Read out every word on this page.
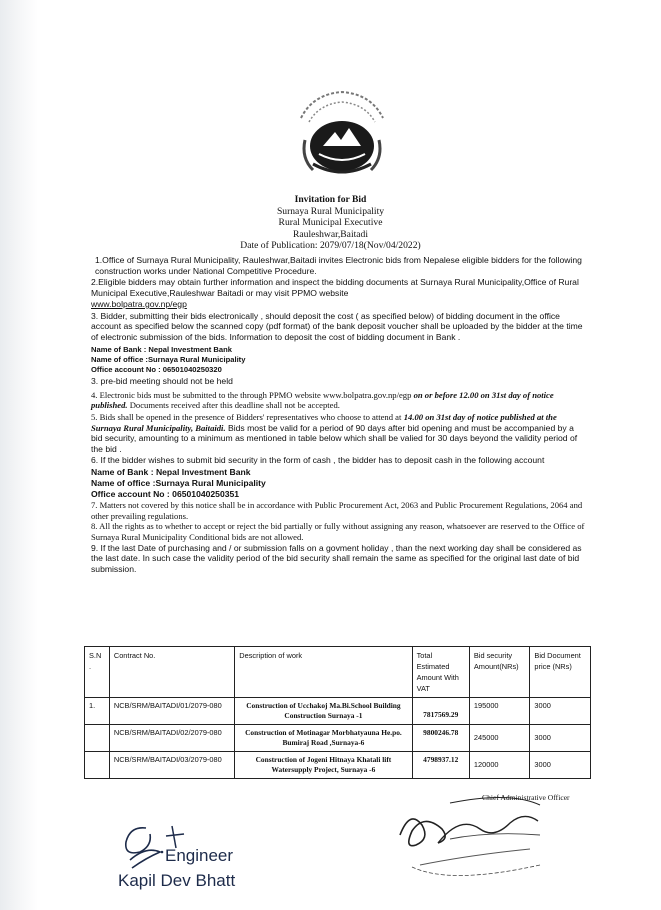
Invitation for Bid
Surnaya Rural Municipality
Rural Municipal Executive
Rauleshwar,Baitadi
Date of Publication: 2079/07/18(Nov/04/2022)

1.Office of Surnaya Rural Municipality, Rauleshwar,Baitadi invites Electronic bids from Nepalese eligible bidders for the following construction works under National Competitive Procedure.

2.Eligible bidders may obtain further information and inspect the bidding documents at Surnaya Rural Municipality,Office of Rural Municipal Executive,Rauleshwar Baitadi or may visit PPMO website
www.bolpatra.gov.np/egp

3. Bidder, submitting their bids electronically , should deposit the cost ( as specified below) of bidding document in the office account as specified below the scanned copy (pdf format) of the bank deposit voucher shall be uploaded by the bidder at the time of electronic submission of the bids. Information to deposit the cost of bidding document in Bank .

Name of Bank : Nepal Investment Bank
Name of office :Surnaya Rural Municipality
Office account No : 06501040250320

3. pre-bid meeting should not be held

4. Electronic bids must be submitted to the through PPMO website www.bolpatra.gov.np/egp on or before 12.00 on 31st day of notice published. Documents received after this deadline shall not be accepted.

5. Bids shall be opened in the presence of Bidders' representatives who choose to attend at 14.00 on 31st day of notice published at the Surnaya Rural Municipality, Baitaidi. Bids most be valid for a period of 90 days after bid opening and must be accompanied by a bid security, amounting to a minimum as mentioned in table below which shall be valied for 30 days beyond the validity period of the bid .

6. If the bidder wishes to submit bid security in the form of cash , the bidder has to deposit cash in the following account

Name of Bank : Nepal Investment Bank
Name of office :Surnaya Rural Municipality
Office account No : 06501040250351

7. Matters not covered by this notice shall be in accordance with Public Procurement Act, 2063 and Public Procurement Regulations, 2064 and other prevailing regulations.

8. All the rights as to whether to accept or reject the bid partially or fully without assigning any reason, whatsoever are reserved to the Office of Surnaya Rural Municipality Conditional bids are not allowed.

9. If the last Date of purchasing and / or submission falls on a govment holiday , than the next working day shall be considered as the last date. In such case the validity period of the bid security shall remain the same as specified for the original last date of bid submission.

S.N .	Contract No.	Description of work	Total Estimated Amount With VAT	Bid security Amount(NRs)	Bid Document price (NRs)
1.	NCB/SRM/BAITADI/01/2079-080	Construction of Ucchakoj Ma.Bi.School Building Construction Surnaya -1	7817569.29	195000	3000
	NCB/SRM/BAITADI/02/2079-080	Construction of Motinagar Morbhatyauna He.po. Bumiraj Road ,Surnaya-6	9800246.78	245000	3000
	NCB/SRM/BAITADI/03/2079-080	Construction of Jogeni Hitnaya Khatali lift Watersupply Project, Surnaya -6	4798937.12	120000	3000
Chief Administrative Officer
Engineer
Kapil Dev Bhatt
